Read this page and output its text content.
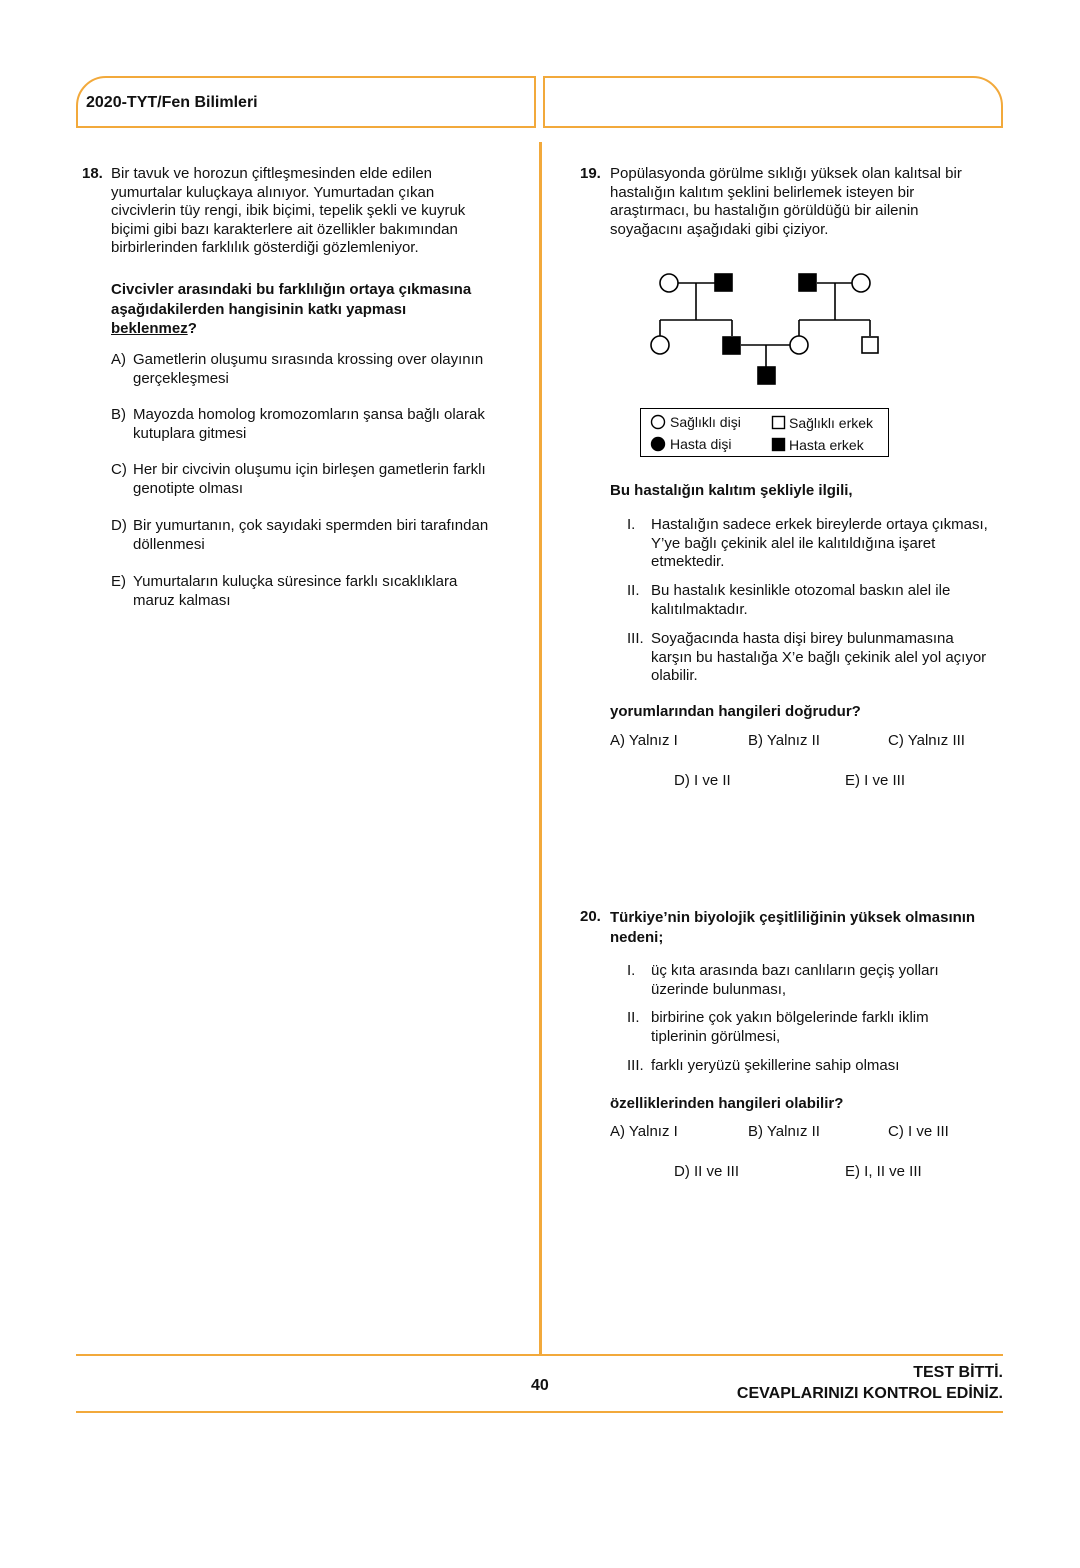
2020-TYT/Fen Bilimleri
18. Bir tavuk ve horozun çiftleşmesinden elde edilen
yumurtalar kuluçkaya alınıyor. Yumurtadan çıkan
civcivlerin tüy rengi, ibik biçimi, tepelik şekli ve kuyruk
biçimi gibi bazı karakterlere ait özellikler bakımından
birbirlerinden farklılık gösterdiği gözlemleniyor.
Civcivler arasındaki bu farklılığın ortaya çıkmasına
aşağıdakilerden hangisinin katkı yapması
beklenmez?
A) Gametlerin oluşumu sırasında krossing over olayının
gerçekleşmesi
B) Mayozda homolog kromozomların şansa bağlı olarak
kutuplara gitmesi
C) Her bir civcivin oluşumu için birleşen gametlerin farklı
genotipte olması
D) Bir yumurtanın, çok sayıdaki spermden biri tarafından
döllenmesi
E) Yumurtaların kuluçka süresince farklı sıcaklıklara
maruz kalması
19. Popülasyonda görülme sıklığı yüksek olan kalıtsal bir
hastalığın kalıtım şeklini belirlemek isteyen bir
araştırmacı, bu hastalığın görüldüğü bir ailenin
soyağacını aşağıdaki gibi çiziyor.
Sağlıklı dişi
Hasta dişi
Sağlıklı erkek
Hasta erkek
Bu hastalığın kalıtım şekliyle ilgili,
I. Hastalığın sadece erkek bireylerde ortaya çıkması,
Y’ye bağlı çekinik alel ile kalıtıldığına işaret
etmektedir.
II. Bu hastalık kesinlikle otozomal baskın alel ile
kalıtılmaktadır.
III. Soyağacında hasta dişi birey bulunmamasına
karşın bu hastalığa X’e bağlı çekinik alel yol açıyor
olabilir.
yorumlarından hangileri doğrudur?
A) Yalnız I	B) Yalnız II	C) Yalnız III
D) I ve II	E) I ve III
20. Türkiye’nin biyolojik çeşitliliğinin yüksek olmasının
nedeni;
I. üç kıta arasında bazı canlıların geçiş yolları
üzerinde bulunması,
II. birbirine çok yakın bölgelerinde farklı iklim
tiplerinin görülmesi,
III. farklı yeryüzü şekillerine sahip olması
özelliklerinden hangileri olabilir?
A) Yalnız I	B) Yalnız II	C) I ve III
D) II ve III	E) I, II ve III
40
TEST BİTTİ.
CEVAPLARINIZI KONTROL EDİNİZ.
